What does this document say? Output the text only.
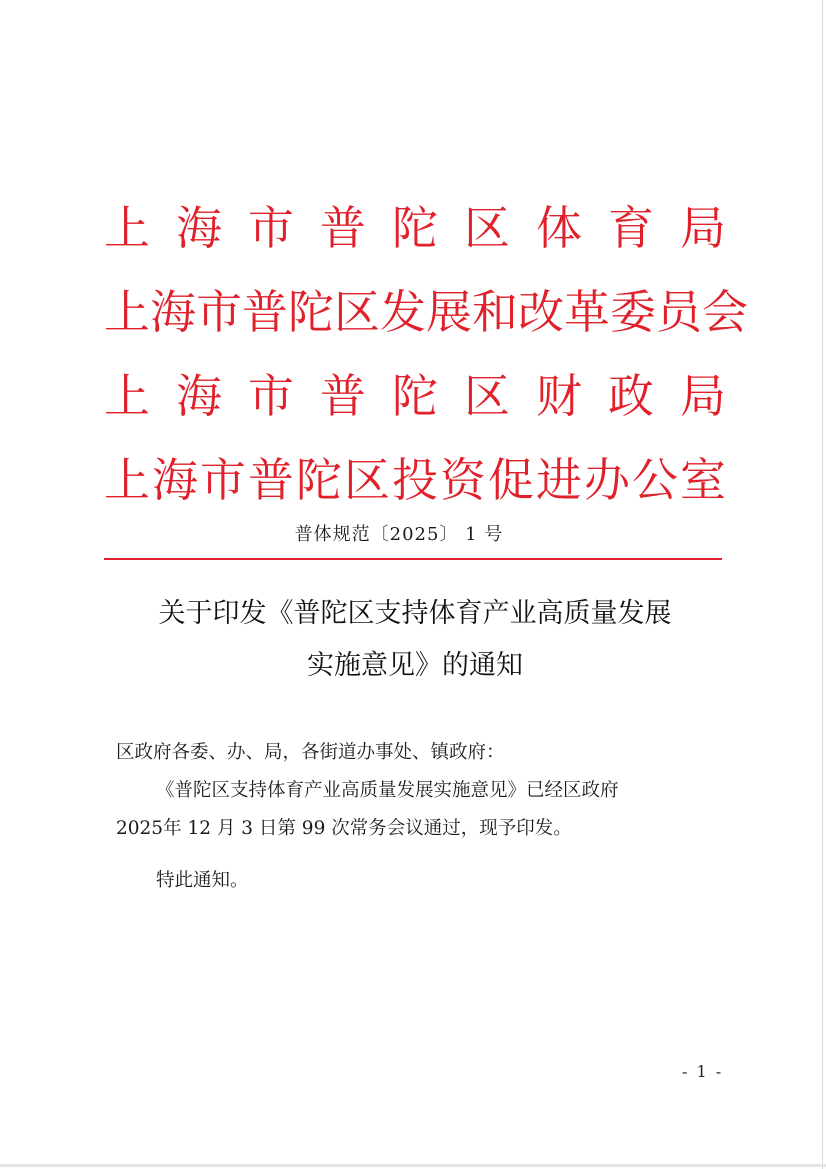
上 海 市 普 陀 区 体 育 局
上 海 市 普 陀 区 发 展 和 改 革 委 员 会
上 海 市 普 陀 区 财 政 局
上 海 市 普 陀 区 投 资 促 进 办 公 室
普体规范〔2025〕 1 号
关于印发《普陀区支持体育产业高质量发展
实施意见》的通知

区政府各委、办、局，各街道办事处、镇政府：

《普陀区支持体育产业高质量发展实施意见》已经区政府

2025年 12 月 3 日第 99 次常务会议通过，现予印发。

特此通知。

- 1 -
